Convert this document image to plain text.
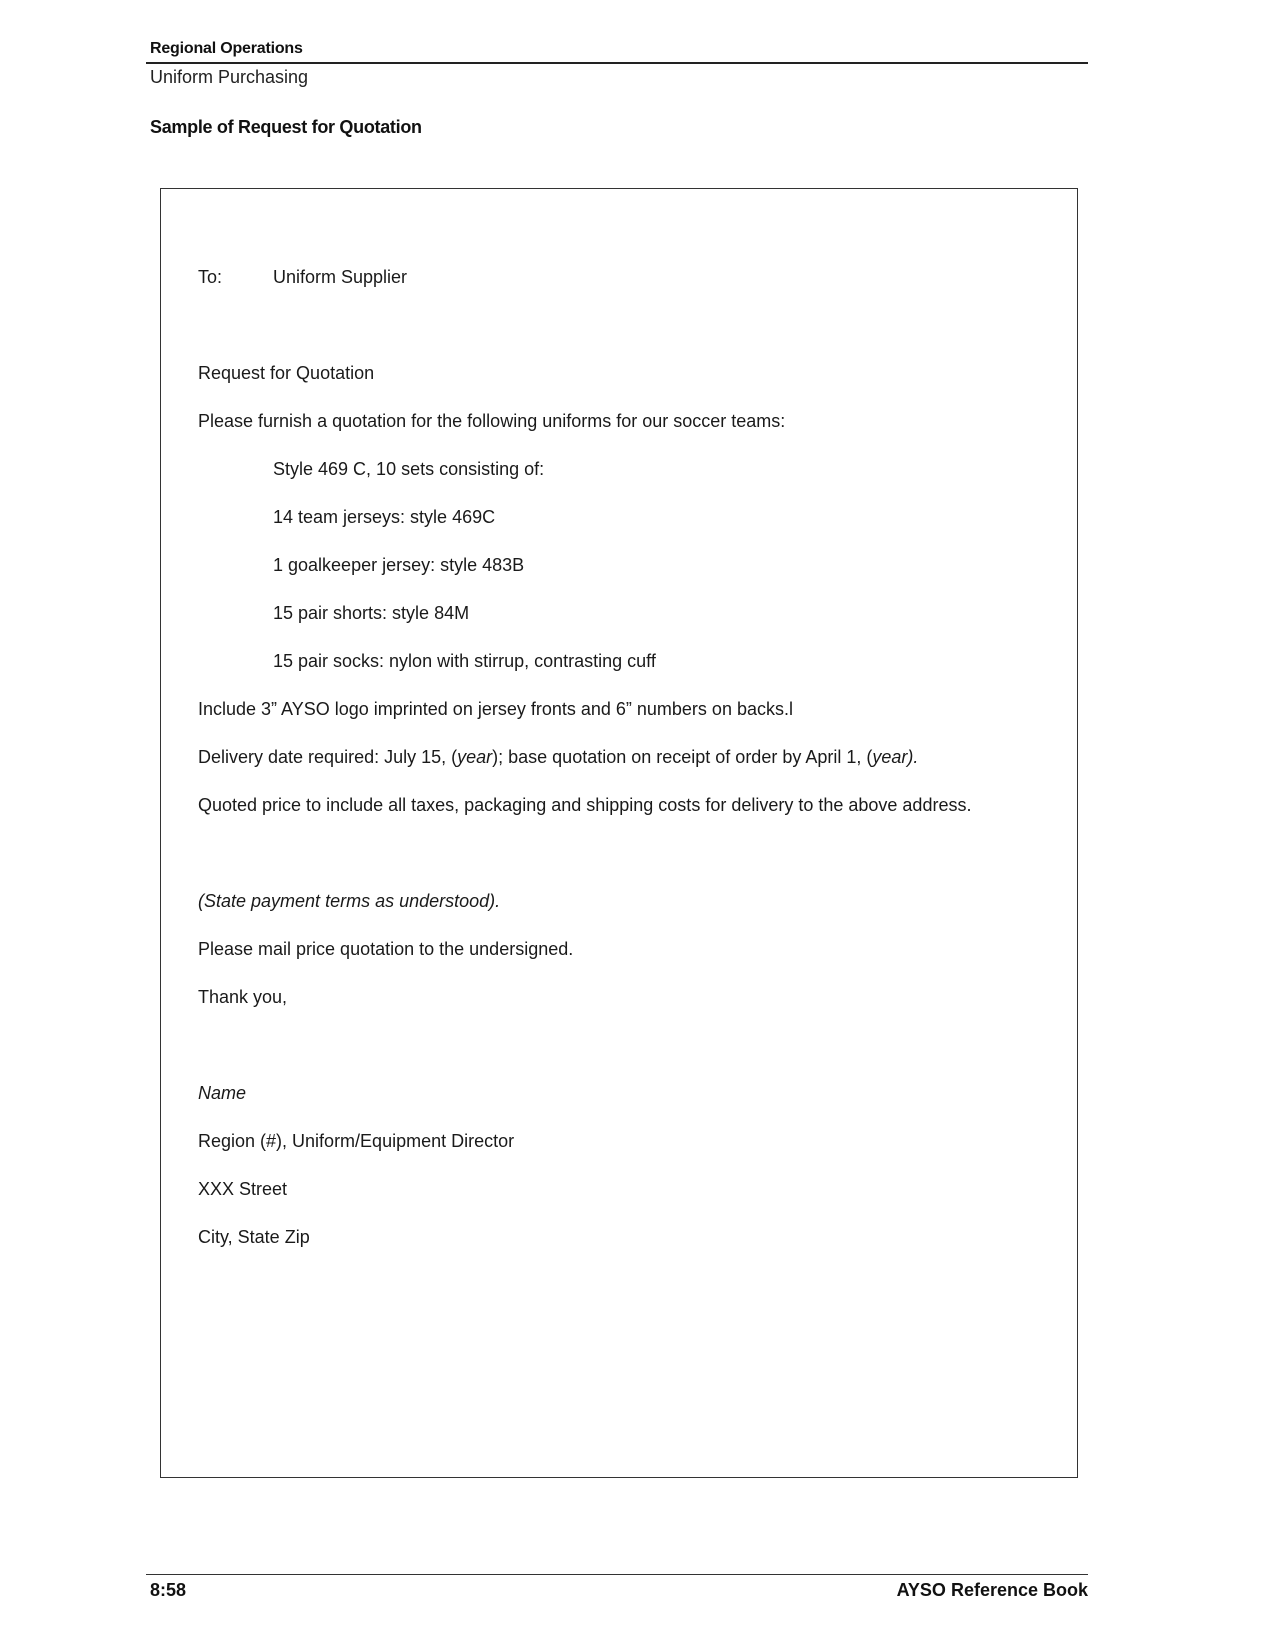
Regional Operations
Uniform Purchasing
Sample of Request for Quotation
To:	Uniform Supplier
Request for Quotation
Please furnish a quotation for the following uniforms for our soccer teams:
Style 469 C, 10 sets consisting of:
14 team jerseys: style 469C
1 goalkeeper jersey: style 483B
15 pair shorts: style 84M
15 pair socks: nylon with stirrup, contrasting cuff
Include 3” AYSO logo imprinted on jersey fronts and 6” numbers on backs.l
Delivery date required: July 15, (year); base quotation on receipt of order by April 1, (year).
Quoted price to include all taxes, packaging and shipping costs for delivery to the above address.
(State payment terms as understood).
Please mail price quotation to the undersigned.
Thank you,
Name
Region (#), Uniform/Equipment Director
XXX Street
City, State Zip
8:58	AYSO Reference Book
